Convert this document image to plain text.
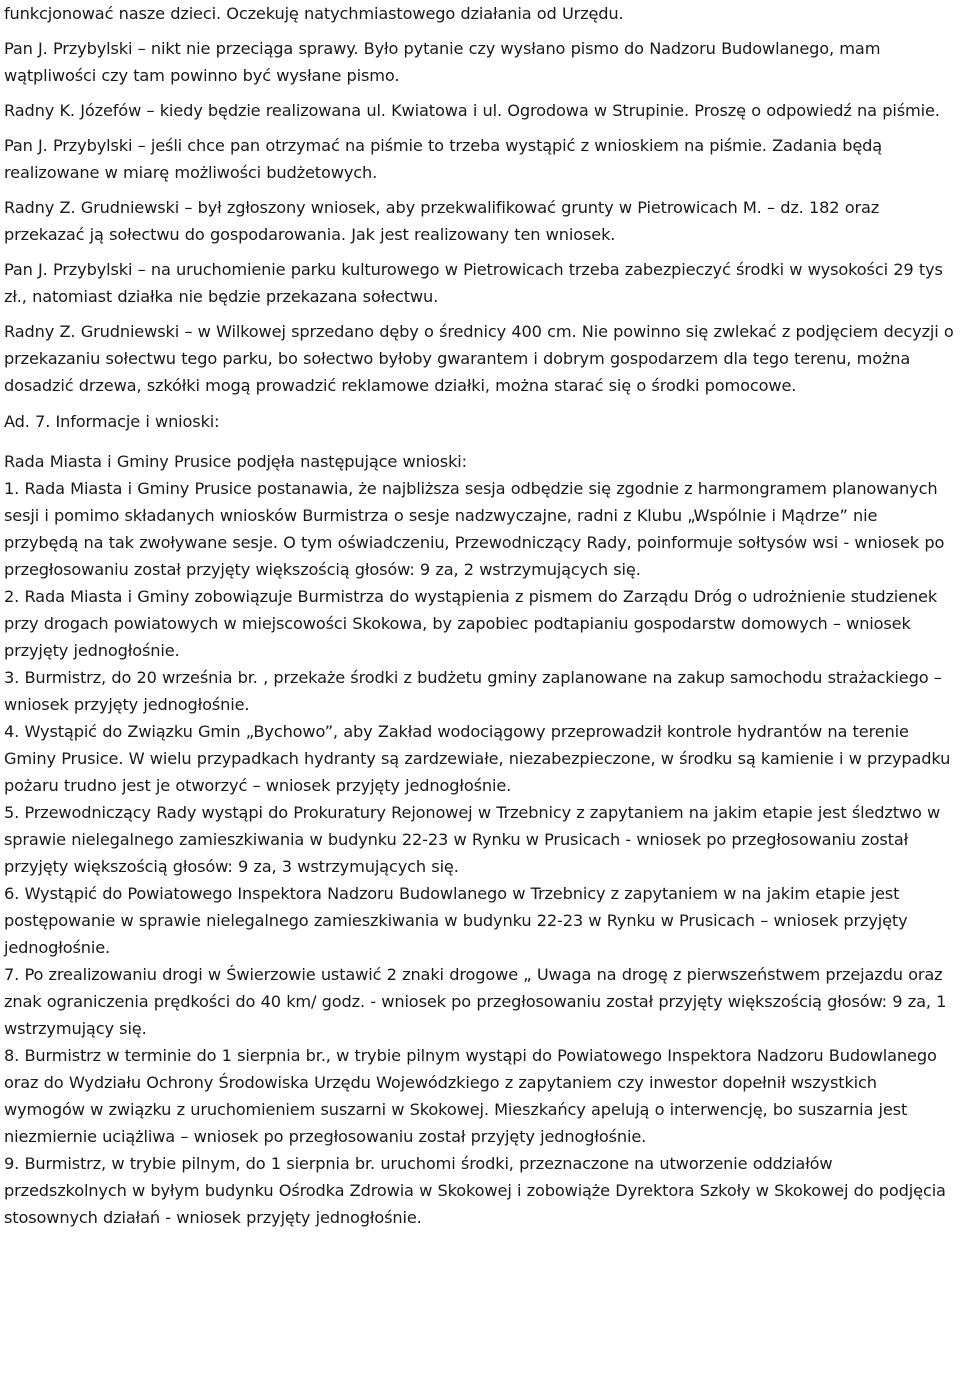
funkcjonować nasze dzieci. Oczekuję natychmiastowego działania od Urzędu.

Pan J. Przybylski – nikt nie przeciąga sprawy. Było pytanie czy wysłano pismo do Nadzoru Budowlanego, mam wątpliwości czy tam powinno być wysłane pismo.

Radny K. Józefów – kiedy będzie realizowana ul. Kwiatowa i ul. Ogrodowa w Strupinie. Proszę o odpowiedź na piśmie.

Pan J. Przybylski – jeśli chce pan otrzymać na piśmie to trzeba wystąpić z wnioskiem na piśmie. Zadania będą realizowane w miarę możliwości budżetowych.

Radny Z. Grudniewski – był zgłoszony wniosek, aby przekwalifikować grunty w Pietrowicach M. – dz. 182 oraz przekazać ją sołectwu do gospodarowania. Jak jest realizowany ten wniosek.

Pan J. Przybylski – na uruchomienie parku kulturowego w Pietrowicach trzeba zabezpieczyć środki w wysokości 29 tys zł., natomiast działka nie będzie przekazana sołectwu.

Radny Z. Grudniewski – w Wilkowej sprzedano dęby o średnicy 400 cm. Nie powinno się zwlekać z podjęciem decyzji o przekazaniu sołectwu tego parku, bo sołectwo byłoby gwarantem i dobrym gospodarzem dla tego terenu, można dosadzić drzewa, szkółki mogą prowadzić reklamowe działki, można starać się o środki pomocowe.

Ad. 7. Informacje i wnioski:

Rada Miasta i Gminy Prusice podjęła następujące wnioski:

1. Rada Miasta i Gminy Prusice postanawia, że najbliższa sesja odbędzie się zgodnie z harmongramem planowanych sesji i pomimo składanych wniosków Burmistrza o sesje nadzwyczajne, radni z Klubu „Wspólnie i Mądrze” nie przybędą na tak zwoływane sesje. O tym oświadczeniu, Przewodniczący Rady, poinformuje sołtysów wsi - wniosek po przegłosowaniu został przyjęty większością głosów: 9 za, 2 wstrzymujących się.

2. Rada Miasta i Gminy zobowiązuje Burmistrza do wystąpienia z pismem do Zarządu Dróg o udrożnienie studzienek przy drogach powiatowych w miejscowości Skokowa, by zapobiec podtapianiu gospodarstw domowych – wniosek przyjęty jednogłośnie.

3. Burmistrz, do 20 września br. , przekaże środki z budżetu gminy zaplanowane na zakup samochodu strażackiego – wniosek przyjęty jednogłośnie.

4. Wystąpić do Związku Gmin „Bychowo”, aby Zakład wodociągowy przeprowadził kontrole hydrantów na terenie Gminy Prusice. W wielu przypadkach hydranty są zardzewiałe, niezabezpieczone, w środku są kamienie i w przypadku pożaru trudno jest je otworzyć – wniosek przyjęty jednogłośnie.

5. Przewodniczący Rady wystąpi do Prokuratury Rejonowej w Trzebnicy z zapytaniem na jakim etapie jest śledztwo w sprawie nielegalnego zamieszkiwania w budynku 22-23 w Rynku w Prusicach - wniosek po przegłosowaniu został przyjęty większością głosów: 9 za, 3 wstrzymujących się.

6. Wystąpić do Powiatowego Inspektora Nadzoru Budowlanego w Trzebnicy z zapytaniem w na jakim etapie jest postępowanie w sprawie nielegalnego zamieszkiwania w budynku 22-23 w Rynku w Prusicach – wniosek przyjęty jednogłośnie.

7. Po zrealizowaniu drogi w Świerzowie ustawić 2 znaki drogowe „ Uwaga na drogę z pierwszeństwem przejazdu oraz znak ograniczenia prędkości do 40 km/ godz. - wniosek po przegłosowaniu został przyjęty większością głosów: 9 za, 1 wstrzymujący się.

8. Burmistrz w terminie do 1 sierpnia br., w trybie pilnym wystąpi do Powiatowego Inspektora Nadzoru Budowlanego oraz do Wydziału Ochrony Środowiska Urzędu Wojewódzkiego z zapytaniem czy inwestor dopełnił wszystkich wymogów w związku z uruchomieniem suszarni w Skokowej. Mieszkańcy apelują o interwencję, bo suszarnia jest niezmiernie uciążliwa – wniosek po przegłosowaniu został przyjęty jednogłośnie.

9. Burmistrz, w trybie pilnym, do 1 sierpnia br. uruchomi środki, przeznaczone na utworzenie oddziałów przedszkolnych w byłym budynku Ośrodka Zdrowia w Skokowej i zobowiąże Dyrektora Szkoły w Skokowej do podjęcia stosownych działań - wniosek przyjęty jednogłośnie.
